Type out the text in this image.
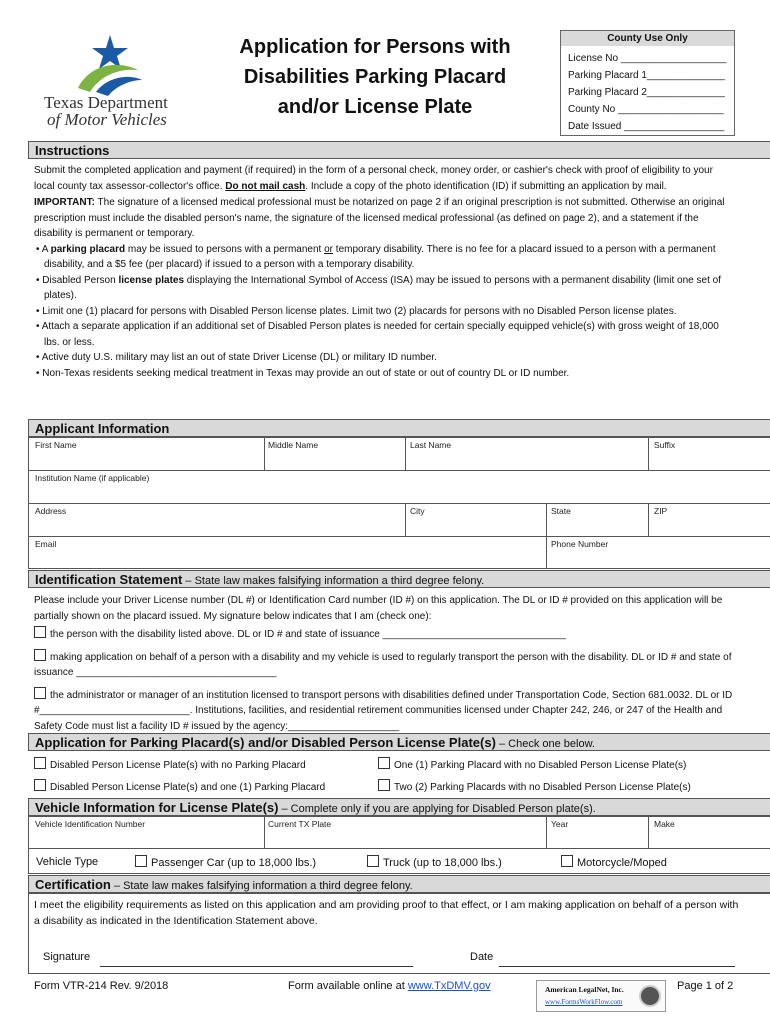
Texas Department
of Motor Vehicles
Application for Persons with
Disabilities Parking Placard
and/or License Plate
County Use Only
License No ___________________
Parking Placard 1______________
Parking Placard 2______________
County No ___________________
Date Issued __________________
Instructions
Submit the completed application and payment (if required) in the form of a personal check, money order, or cashier's check with proof of eligibility to your local county tax assessor-collector's office. Do not mail cash. Include a copy of the photo identification (ID) if submitting an application by mail.
IMPORTANT: The signature of a licensed medical professional must be notarized on page 2 if an original prescription is not submitted. Otherwise an original prescription must include the disabled person's name, the signature of the licensed medical professional (as defined on page 2), and a statement if the disability is permanent or temporary.
• A parking placard may be issued to persons with a permanent or temporary disability. There is no fee for a placard issued to a person with a permanent disability, and a $5 fee (per placard) if issued to a person with a temporary disability.
• Disabled Person license plates displaying the International Symbol of Access (ISA) may be issued to persons with a permanent disability (limit one set of plates).
• Limit one (1) placard for persons with Disabled Person license plates. Limit two (2) placards for persons with no Disabled Person license plates.
• Attach a separate application if an additional set of Disabled Person plates is needed for certain specially equipped vehicle(s) with gross weight of 18,000 lbs. or less.
• Active duty U.S. military may list an out of state Driver License (DL) or military ID number.
• Non-Texas residents seeking medical treatment in Texas may provide an out of state or out of country DL or ID number.
Applicant Information
First Name	Middle Name	Last Name	Suffix
Institution Name (if applicable)
Address	City	State	ZIP
Email	Phone Number
Identification Statement – State law makes falsifying information a third degree felony.
Please include your Driver License number (DL #) or Identification Card number (ID #) on this application. The DL or ID # provided on this application will be partially shown on the placard issued. My signature below indicates that I am (check one):
the person with the disability listed above. DL or ID # and state of issuance _________________________________
making application on behalf of a person with a disability and my vehicle is used to regularly transport the person with the disability. DL or ID # and state of issuance ____________________________________
the administrator or manager of an institution licensed to transport persons with disabilities defined under Transportation Code, Section 681.0032. DL or ID #___________________________. Institutions, facilities, and residential retirement communities licensed under Chapter 242, 246, or 247 of the Health and Safety Code must list a facility ID # issued by the agency:____________________
Application for Parking Placard(s) and/or Disabled Person License Plate(s) – Check one below.
Disabled Person License Plate(s) with no Parking Placard	One (1) Parking Placard with no Disabled Person License Plate(s)
Disabled Person License Plate(s) and one (1) Parking Placard	Two (2) Parking Placards with no Disabled Person License Plate(s)
Vehicle Information for License Plate(s) – Complete only if you are applying for Disabled Person plate(s).
Vehicle Identification Number	Current TX Plate	Year	Make
Vehicle Type	Passenger Car (up to 18,000 lbs.)	Truck (up to 18,000 lbs.)	Motorcycle/Moped
Certification – State law makes falsifying information a third degree felony.
I meet the eligibility requirements as listed on this application and am providing proof to that effect, or I am making application on behalf of a person with a disability as indicated in the Identification Statement above.
Signature	Date
Form VTR-214 Rev. 9/2018	Form available online at www.TxDMV.gov	American LegalNet, Inc.
www.FormsWorkFlow.com
Page 1 of 2
